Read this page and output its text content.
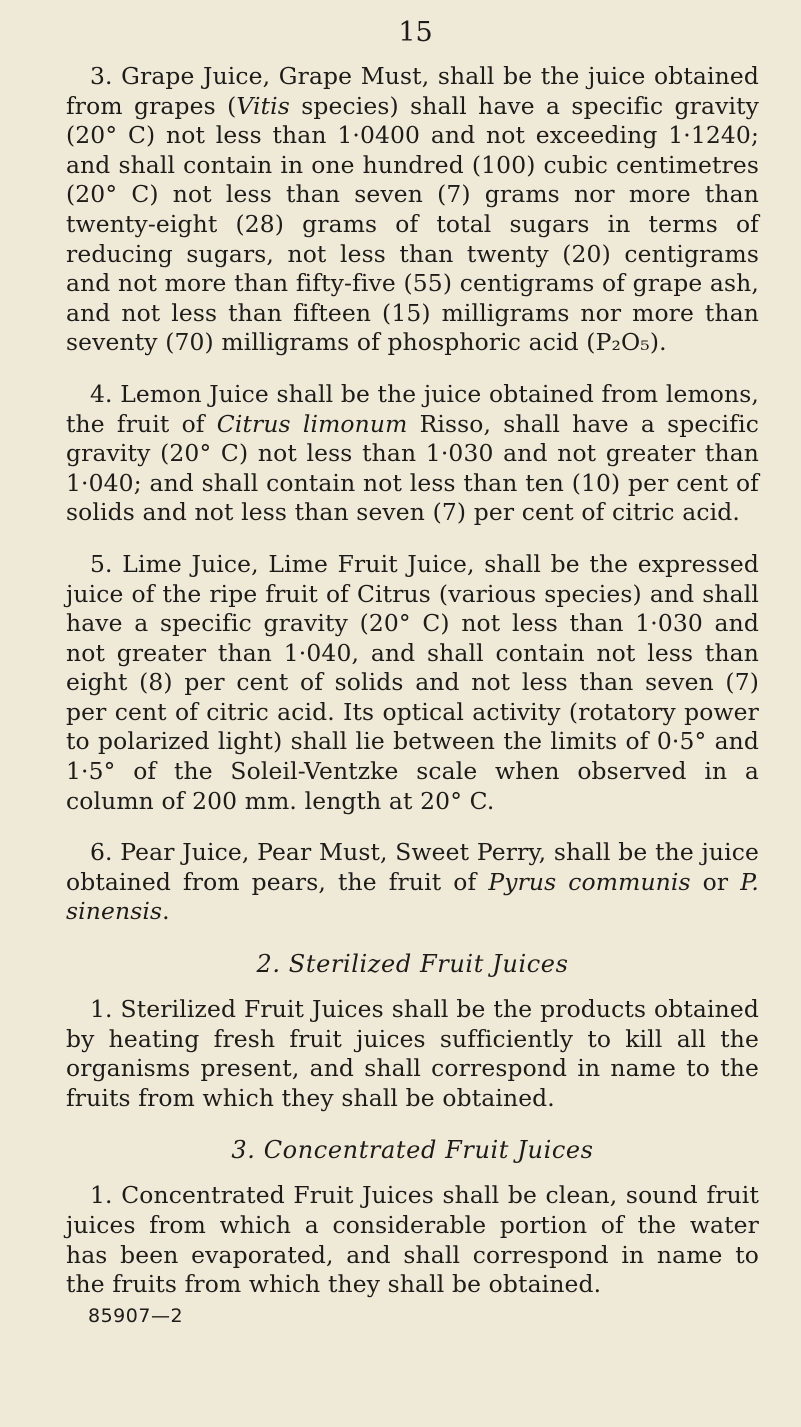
15

3. Grape Juice, Grape Must, shall be the juice obtained from grapes (Vitis species) shall have a specific gravity (20° C) not less than 1·0400 and not exceeding 1·1240; and shall contain in one hundred (100) cubic centimetres (20° C) not less than seven (7) grams nor more than twenty-eight (28) grams of total sugars in terms of reducing sugars, not less than twenty (20) centigrams and not more than fifty-five (55) centigrams of grape ash, and not less than fifteen (15) milligrams nor more than seventy (70) milligrams of phosphoric acid (P₂O₅).

4. Lemon Juice shall be the juice obtained from lemons, the fruit of Citrus limonum Risso, shall have a specific gravity (20° C) not less than 1·030 and not greater than 1·040; and shall contain not less than ten (10) per cent of solids and not less than seven (7) per cent of citric acid.

5. Lime Juice, Lime Fruit Juice, shall be the expressed juice of the ripe fruit of Citrus (various species) and shall have a specific gravity (20° C) not less than 1·030 and not greater than 1·040, and shall contain not less than eight (8) per cent of solids and not less than seven (7) per cent of citric acid. Its optical activity (rotatory power to polarized light) shall lie between the limits of 0·5° and 1·5° of the Soleil-Ventzke scale when observed in a column of 200 mm. length at 20° C.

6. Pear Juice, Pear Must, Sweet Perry, shall be the juice obtained from pears, the fruit of Pyrus communis or P. sinensis.

2. Sterilized Fruit Juices

1. Sterilized Fruit Juices shall be the products obtained by heating fresh fruit juices sufficiently to kill all the organisms present, and shall correspond in name to the fruits from which they shall be obtained.

3. Concentrated Fruit Juices

1. Concentrated Fruit Juices shall be clean, sound fruit juices from which a considerable portion of the water has been evaporated, and shall correspond in name to the fruits from which they shall be obtained.

85907—2
